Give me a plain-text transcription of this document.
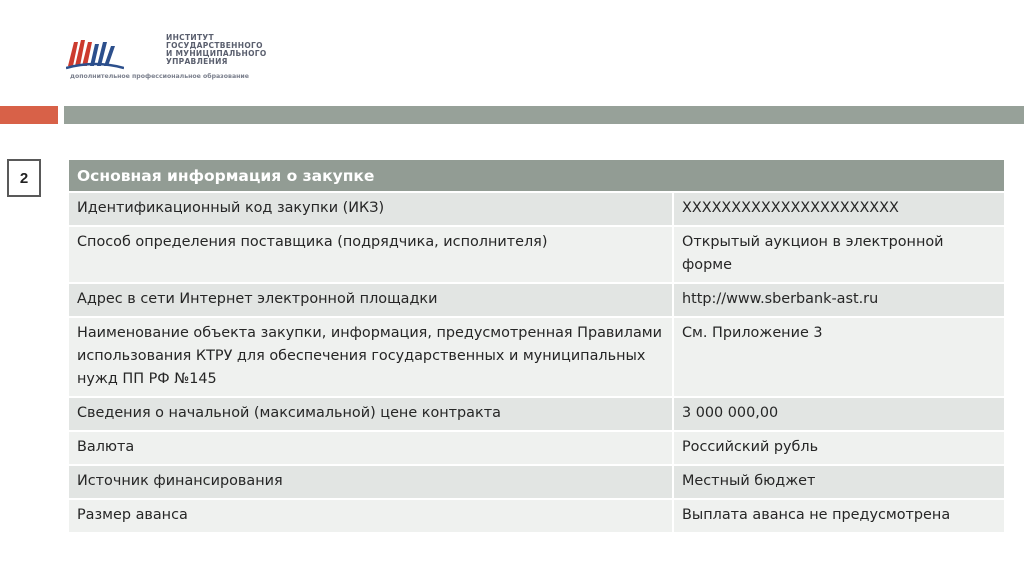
ИНСТИТУТ
ГОСУДАРСТВЕННОГО
И МУНИЦИПАЛЬНОГО
УПРАВЛЕНИЯ
дополнительное профессиональное образование
2	Основная информация о закупке	
Идентификационный код закупки (ИКЗ)	ХХХХХХХХХХХХХХХХХХХХХХ
Способ определения поставщика (подрядчика, исполнителя)	Открытый аукцион в электронной форме
Адрес в сети Интернет электронной площадки	http://www.sberbank-ast.ru
Наименование объекта закупки, информация, предусмотренная Правилами использования КТРУ для обеспечения государственных и муниципальных нужд ПП РФ №145	См. Приложение 3
Сведения о начальной (максимальной) цене контракта	3 000 000,00
Валюта	Российский рубль
Источник финансирования	Местный бюджет
Размер аванса	Выплата аванса не предусмотрена
